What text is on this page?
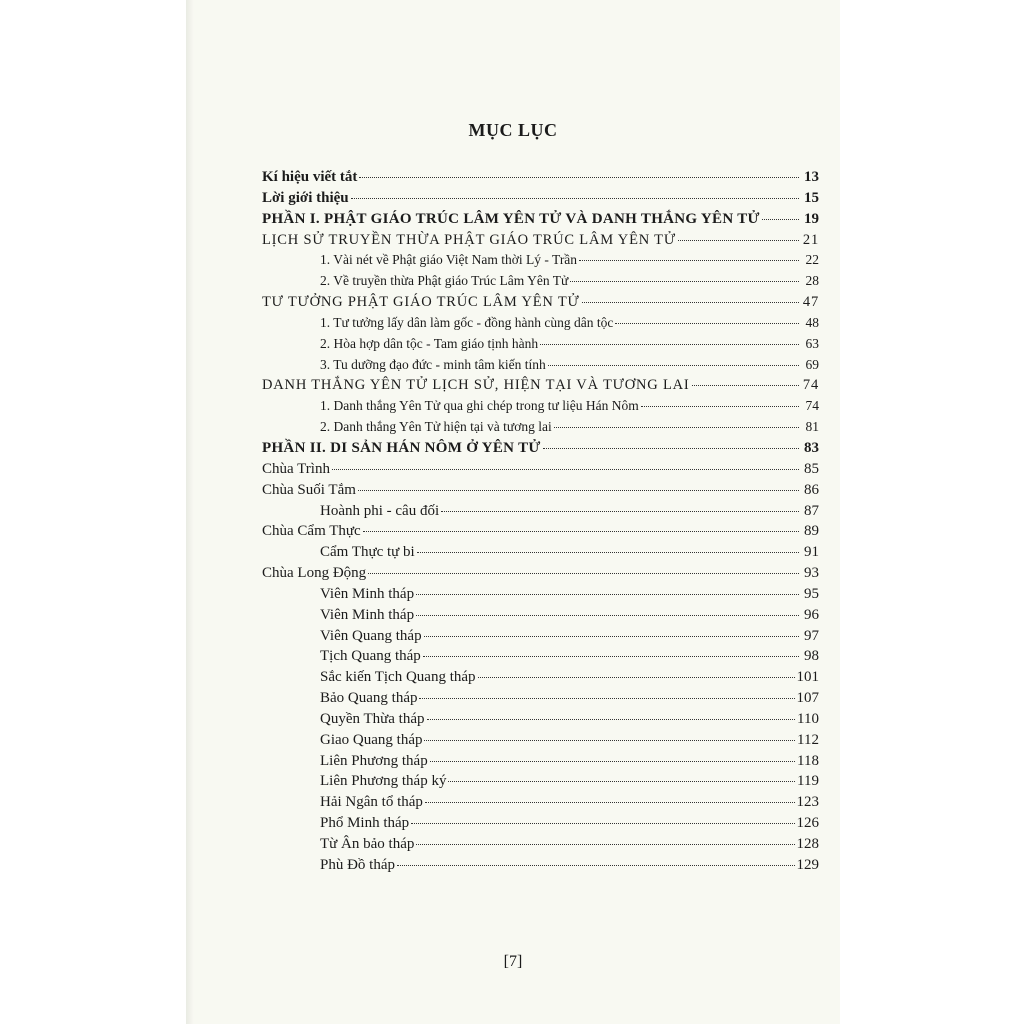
MỤC LỤC
[7]
Kí hiệu viết tắt	13
Lời giới thiệu	15
PHẦN I. PHẬT GIÁO TRÚC LÂM YÊN TỬ VÀ DANH THẮNG YÊN TỬ	19
LỊCH SỬ TRUYỀN THỪA PHẬT GIÁO TRÚC LÂM YÊN TỬ	21
1. Vài nét về Phật giáo Việt Nam thời Lý - Trần	22
2. Về truyền thừa Phật giáo Trúc Lâm Yên Tử	28
TƯ TƯỞNG PHẬT GIÁO TRÚC LÂM YÊN TỬ	47
1. Tư tưởng lấy dân làm gốc - đồng hành cùng dân tộc	48
2. Hòa hợp dân tộc - Tam giáo tịnh hành	63
3. Tu dưỡng đạo đức - minh tâm kiến tính	69
DANH THẮNG YÊN TỬ LỊCH SỬ, HIỆN TẠI VÀ TƯƠNG LAI	74
1. Danh thắng Yên Tử qua ghi chép trong tư liệu Hán Nôm	74
2. Danh thắng Yên Tử hiện tại và tương lai	81
PHẦN II. DI SẢN HÁN NÔM Ở YÊN TỬ	83
Chùa Trình	85
Chùa Suối Tắm	86
Hoành phi - câu đối	87
Chùa Cẩm Thực	89
Cẩm Thực tự bi	91
Chùa Long Động	93
Viên Minh tháp	95
Viên Minh tháp	96
Viên Quang tháp	97
Tịch Quang tháp	98
Sắc kiến Tịch Quang tháp	101
Bảo Quang tháp	107
Quyền Thừa tháp	110
Giao Quang tháp	112
Liên Phương tháp	118
Liên Phương tháp ký	119
Hải Ngân tổ tháp	123
Phổ Minh tháp	126
Từ Ân bảo tháp	128
Phù Đồ tháp	129
